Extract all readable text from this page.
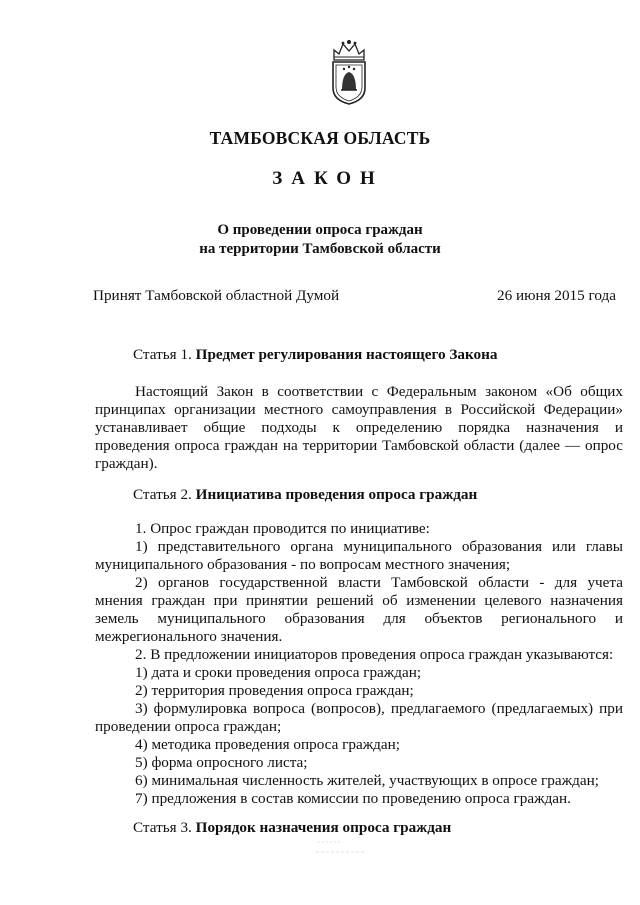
ТАМБОВСКАЯ ОБЛАСТЬ
ЗАКОН
О проведении опроса граждан
на территории Тамбовской области
Принят Тамбовской областной Думой	26 июня 2015 года
Статья 1. Предмет регулирования настоящего Закона
Настоящий Закон в соответствии с Федеральным законом «Об общих
принципах организации местного самоуправления в Российской Федерации»
устанавливает общие подходы к определению порядка назначения и
проведения опроса граждан на территории Тамбовской области (далее — опрос
граждан).
Статья 2. Инициатива проведения опроса граждан
1. Опрос граждан проводится по инициативе:
1) представительного органа муниципального образования или главы
муниципального образования - по вопросам местного значения;
2) органов государственной власти Тамбовской области - для учета
мнения граждан при принятии решений об изменении целевого назначения
земель муниципального образования для объектов регионального и
межрегионального значения.
2. В предложении инициаторов проведения опроса граждан указываются:
1) дата и сроки проведения опроса граждан;
2) территория проведения опроса граждан;
3) формулировка вопроса (вопросов), предлагаемого (предлагаемых) при
проведении опроса граждан;
4) методика проведения опроса граждан;
5) форма опросного листа;
6) минимальная численность жителей, участвующих в опросе граждан;
7) предложения в состав комиссии по проведению опроса граждан.
Статья 3. Порядок назначения опроса граждан
